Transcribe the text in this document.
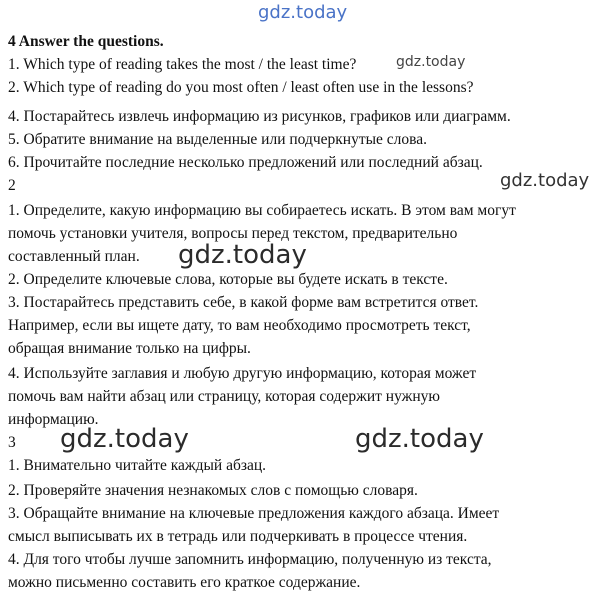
gdz.today
4 Answer the questions.
1. Which type of reading takes the most / the least time?
2. Which type of reading do you most often / least often use in the lessons?
4. Постарайтесь извлечь информацию из рисунков, графиков или диаграмм.
5. Обратите внимание на выделенные или подчеркнутые слова.
6. Прочитайте последние несколько предложений или последний абзац.
2
1. Определите, какую информацию вы собираетесь искать. В этом вам могут
помочь установки учителя, вопросы перед текстом, предварительно
составленный план.
2. Определите ключевые слова, которые вы будете искать в тексте.
3. Постарайтесь представить себе, в какой форме вам встретится ответ.
Например, если вы ищете дату, то вам необходимо просмотреть текст,
обращая внимание только на цифры.
4. Используйте заглавия и любую другую информацию, которая может
помочь вам найти абзац или страницу, которая содержит нужную
информацию.
3
1. Внимательно читайте каждый абзац.
2. Проверяйте значения незнакомых слов с помощью словаря.
3. Обращайте внимание на ключевые предложения каждого абзаца. Имеет
смысл выписывать их в тетрадь или подчеркивать в процессе чтения.
4. Для того чтобы лучше запомнить информацию, полученную из текста,
можно письменно составить его краткое содержание.
gdz.today
gdz.today
gdz.today
gdz.today	gdz.today
